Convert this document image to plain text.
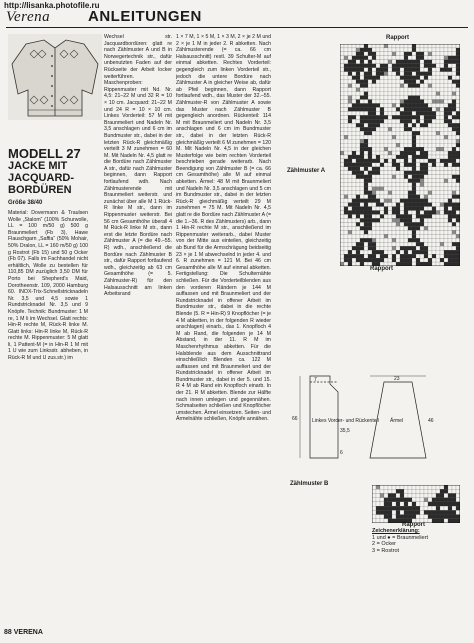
http://lisanka.photofile.ru
Verena	ANLEITUNGEN
MODELL 27
JACKE MIT
JACQUARD-
BORDÜREN
Größe 38/40
Material: Dovermann & Traulsen Wolle „Stalom“ (100% Schurwolle, LL = 100 m/50 g) 500 g Braunmeliert (Fb 3), Hawe Flauschgarn „Saffia“ (50% Mohair, 50% Dralon, LL = 160 m/50 g) 100 g Rostrot (Fb 15) und 50 g Ocker (Fb 07). Falls im Fachhandel nicht erhältlich, Wolle zu bestellen für 110,85 DM zuzüglich 3,50 DM für Porto bei Shepherd's Maid, Dorotheenstr. 109, 2000 Hamburg 60. INOX-Trix-Schnellstricknadeln Nr. 3,5 und 4,5 sowie 1 Rundstricknadel Nr. 3,5 und 9 Knöpfe. Technik: Bundmuster: 1 M re, 1 M li im Wechsel. Glatt rechts: Hin-R rechte M, Rück-R linke M. Glatt links: Hin-R linke M, Rück-R rechte M. Rippenmuster: 5 M glatt li, 1 Pattent-M (= in Hin-R 1 M mit 1 U wie zum Linksstr. abheben, in Rück-R M und U zus.str.) im
Wechsel str. Jacquardbordüren: glatt re nach Zählmuster A und B in Norwegertechnik str., dafür unbenutzten Faden auf der Rückseite der Arbeit locker weiterführen. Maschenproben: Rippenmuster mit Nd. Nr. 4,5: 21–22 M und 32 R = 10 × 10 cm. Jacquard: 21–22 M und 24 R = 10 × 10 cm. Linkes Vorderteil: 57 M mit Braunmeliert und Nadeln Nr. 3,5 anschlagen und 6 cm im Bundmuster str., dabei in der letzten Rück-R gleichmäßig verteilt 3 M zunehmen = 60 M. Mit Nadeln Nr. 4,5 glatt re die Bordüre nach Zählmuster A str., dafür nach Zählmuster beginnen, dann Rapport fortlaufend wdh. Nach Zählmusterende mit Braunmeliert weiterstr. und zunächst über alle M 1 Rück-R linke M str., dann im Rippenmuster weiterstr. Bei 56 cm Gesamthöhe überall 4 M Rück-R linke M str., dann erst die letzte Bordüre nach Zählmuster A (= die 49.–55. R) wdh., anschließend die Bordüre nach Zählmuster B str., dafür Rapport fortlaufend wdh., gleichzeitig ab 63 cm Gesamthöhe (= 5. Zählmuster-R) für den Halsausschnitt am linken Arbeitsrand
1 × 7 M, 1 × 5 M, 1 × 3 M, 2 × je 2 M und 2 × je 1 M in jeder 2. R abketten. Nach Zählmusterende (= ca. 66 cm Halsausschnitt) restl. 39 Schulter-M auf einmal abketten. Rechtes Vorderteil: gegengleich zum linken Vorderteil str., jedoch die untere Bordüre nach Zählmuster A in gleicher Weise ab, dafür ab Pfeil beginnen, dann Rapport fortlaufend wdh., das Muster der 32.–55. Zählmuster-R von Zählmuster A sowie das Muster nach Zählmuster B gegengleich anordnen. Rückenteil: 114 M mit Braunmeliert und Nadeln Nr. 3,5 anschlagen und 6 cm im Bundmuster str., dabei in der letzten Rück-R gleichmäßig verteilt 6 M zunehmen = 120 M. Mit Nadeln Nr. 4,5 in der gleichen Musterfolge wie beim rechten Vorderteil beschrieben gerade weiterarb. Nach Beendigung von Zählmuster B (= ca. 66 cm Gesamthöhe) alle M auf einmal abketten. Ärmel: 48 M mit Braunmeliert und Nadeln Nr. 3,5 anschlagen und 5 cm im Bundmuster str., dabei in der letzten Rück-R gleichmäßig verteilt 29 M zunehmen = 75 M. Mit Nadeln Nr. 4,5 glatt re die Bordüre nach Zählmuster A (= die 1.–36. R des Zählmusters) arb., dann 1 Hin-R rechte M str., anschließend im Rippenmuster weiterarb., dabei Muster von der Mitte aus einteilen, gleichzeitig ab Bund für die Armschrägung beidseitig 23 × je 1 M abwechselnd in jeder 4. und 6. R zunehmen = 121 M. Bei 46 cm Gesamthöhe alle M auf einmal abketten. Fertigstellung: Die Schulternähte schließen. Für die Vorderteilblenden aus den vorderen Rändern je 144 M auffassen und mit Braunmeliert und der Rundstricknadel in offener Arbeit im Bundmuster str., dabei in die rechte Blende (5. R = Hin-R) 9 Knopflöcher (= je 4 M abketten, in der folgenden R wieder anschlagen) einarb., das 1. Knopfloch 4 M ab Rand, die folgenden je 14 M Abstand, in der 11. R M im Maschenrhythmus abketten. Für die Halsblende aus dem Ausschnittrand einschließlich Blenden ca. 122 M auffassen und mit Braunmeliert und der Rundstricknadel in offener Arbeit im Bundmuster str., dabei in der 5. und 15. R 4 M ab Rand ein Knopfloch einarb. In der 21. R M abketten. Blende zur Hälfte nach innen umlegen und gegennähen. Schmalseiten schließen und Knopflöcher umstechen. Ärmel einsetzen. Seiten- und Ärmelnähte schließen, Knöpfe annähen.
Rapport
Rapport
Zählmuster A
Linkes Vorder- und Rückenteil Ärmel
66
7	23
46
35,5
6
Zählmuster B
Rapport
Zeichenerklärung:
1 und ● = Braunmeliert
2 = Ocker
3 = Rostrot
88 VERENA
